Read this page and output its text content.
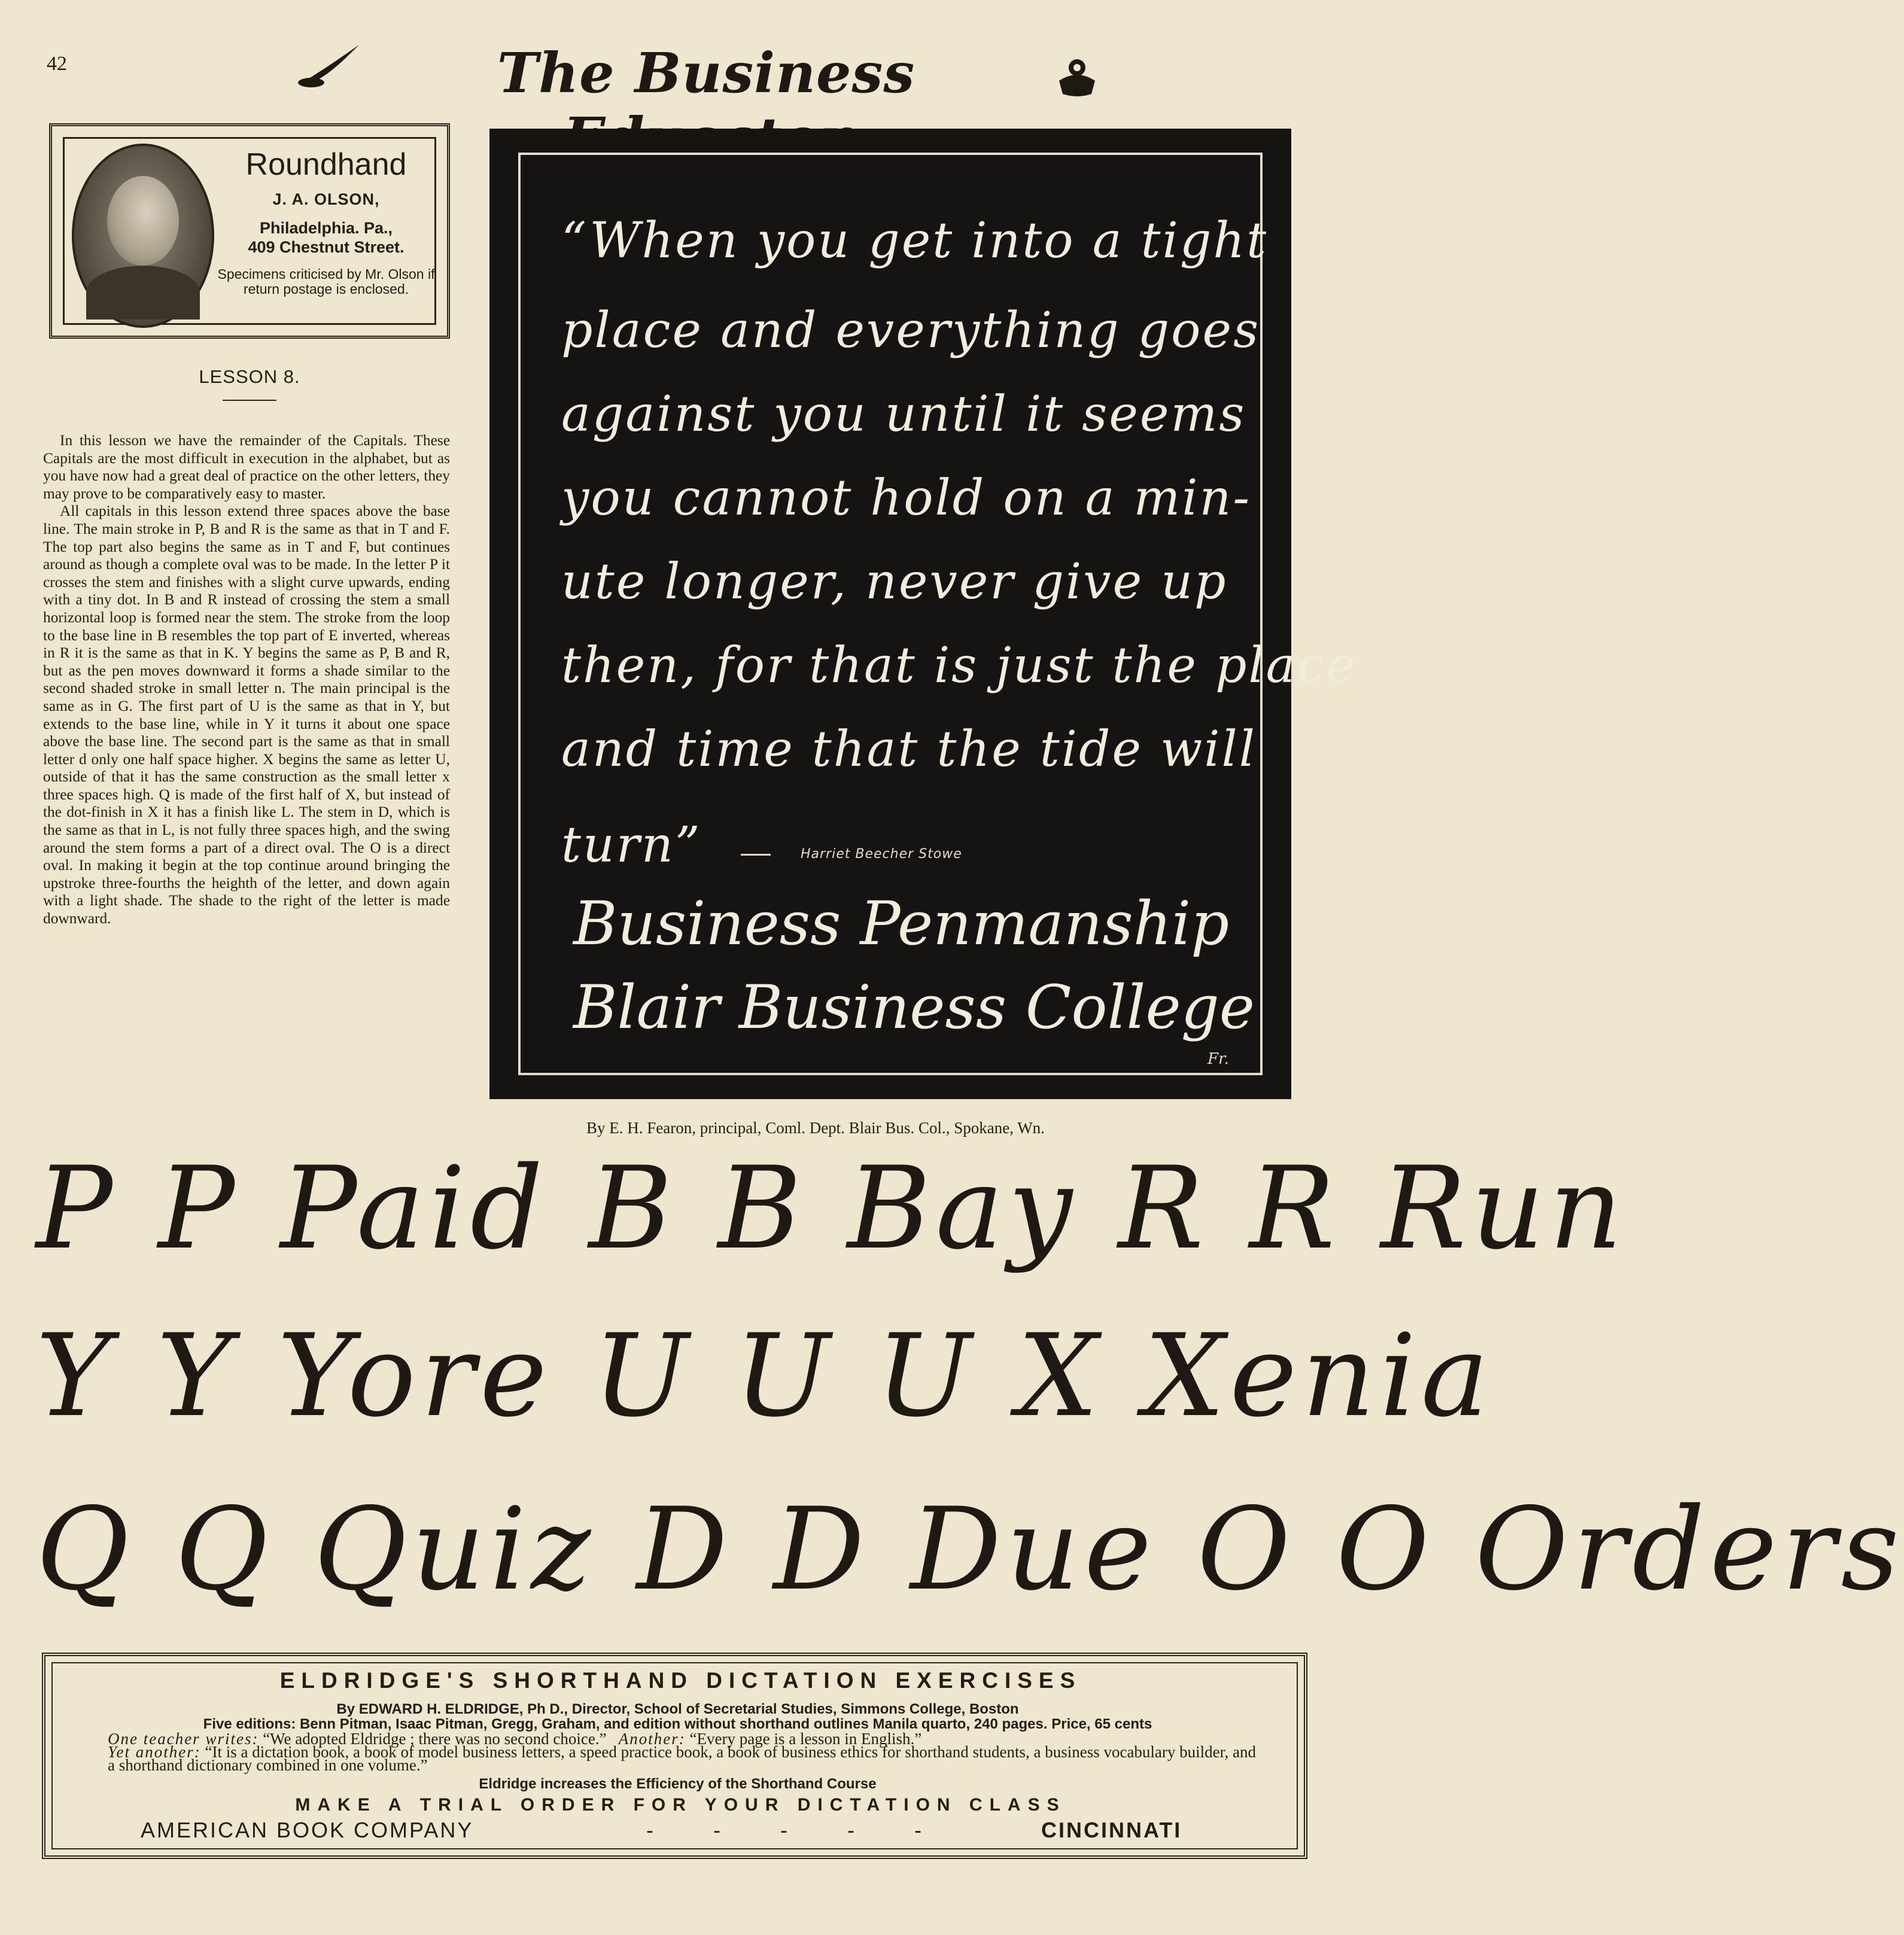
42	The Business
Roundhand
J. A. OLSON,
Philadelphia. Pa.,
409 Chestnut Street.
Specimens criticised by Mr. Olson if return postage is enclosed.
LESSON 8.

In this lesson we have the remainder of the Capitals. These Capitals are the most difficult in execution in the alphabet, but as you have now had a great deal of practice on the other letters, they may prove to be comparatively easy to master.

All capitals in this lesson extend three spaces above the base line. The main stroke in P, B and R is the same as that in T and F. The top part also begins the same as in T and F, but continues around as though a complete oval was to be made. In the letter P it crosses the stem and finishes with a slight curve upwards, ending with a tiny dot. In B and R instead of crossing the stem a small horizontal loop is formed near the stem. The stroke from the loop to the base line in B resembles the top part of E inverted, whereas in R it is the same as that in K. Y begins the same as P, B and R, but as the pen moves downward it forms a shade similar to the second shaded stroke in small letter n. The main principal is the same as in G. The first part of U is the same as that in Y, but extends to the base line, while in Y it turns it about one space above the base line. The second part is the same as that in small letter d only one half space higher. X begins the same as letter U, outside of that it has the same construction as the small letter x three spaces high. Q is made of the first half of X, but instead of the dot-finish in X it has a finish like L. The stem in D, which is the same as that in L, is not fully three spaces high, and the swing around the stem forms a part of a direct oval. The O is a direct oval. In making it begin at the top continue around bringing the upstroke three-fourths the heighth of the letter, and down again with a light shade. The shade to the right of the letter is made downward.

“When you get into a tight
place and everything goes
against you until it seems
you cannot hold on a min-
ute longer, never give up
then, for that is just the place
and time that the tide will
turn”	Harriet Beecher Stowe
Business Penmanship
Blair Business College
Fr.
By E. H. Fearon, principal, Coml. Dept. Blair Bus. Col., Spokane, Wn.
P P Paid B B Bay R R Run
Y Y Yore U U U X Xenia
Q Q Quiz D D Due O O Orders
ELDRIDGE'S SHORTHAND DICTATION EXERCISES
By EDWARD H. ELDRIDGE, Ph D., Director, School of Secretarial Studies, Simmons College, Boston
Five editions: Benn Pitman, Isaac Pitman, Gregg, Graham, and edition without shorthand outlines Manila quarto, 240 pages. Price, 65 cents
One teacher writes: “We adopted Eldridge ; there was no second choice.” Another: “Every page is a lesson in English.”
Yet another: “It is a dictation book, a book of model business letters, a speed practice book, a book of business ethics for shorthand students, a business vocabulary builder, and a shorthand dictionary combined in one volume.”
Eldridge increases the Efficiency of the Shorthand Course
MAKE A TRIAL ORDER FOR YOUR DICTATION CLASS
AMERICAN BOOK COMPANY	- - - - -	CINCINNATI
